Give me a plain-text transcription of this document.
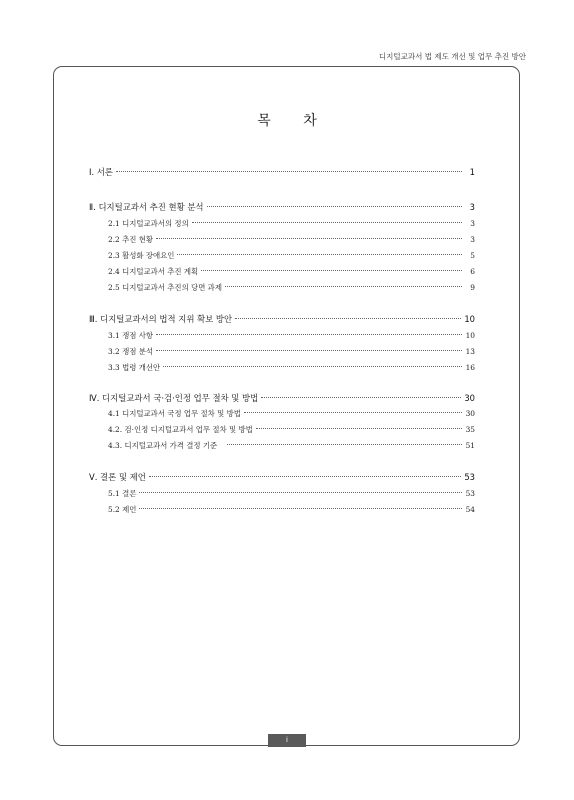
디지털교과서 법 제도 개선 및 업무 추진 방안
목 차
Ⅰ. 서론	1
Ⅱ. 디지털교과서 추진 현황 분석	3
2.1 디지털교과서의 정의	3
2.2 추진 현황	3
2.3 활성화 장애요인	5
2.4 디지털교과서 추진 계획	6
2.5 디지털교과서 추진의 당면 과제	9
Ⅲ. 디지털교과서의 법적 지위 확보 방안	10
3.1 쟁점 사항	10
3.2 쟁점 분석	13
3.3 법령 개선안	16
Ⅳ. 디지털교과서 국·검·인정 업무 절차 및 방법	30
4.1 디지털교과서 국정 업무 절차 및 방법	30
4.2. 검·인정 디지털교과서 업무 절차 및 방법	35
4.3. 디지털교과서 가격 결정 기준	51
Ⅴ. 결론 및 제언	53
5.1 결론	53
5.2 제언	54
i
